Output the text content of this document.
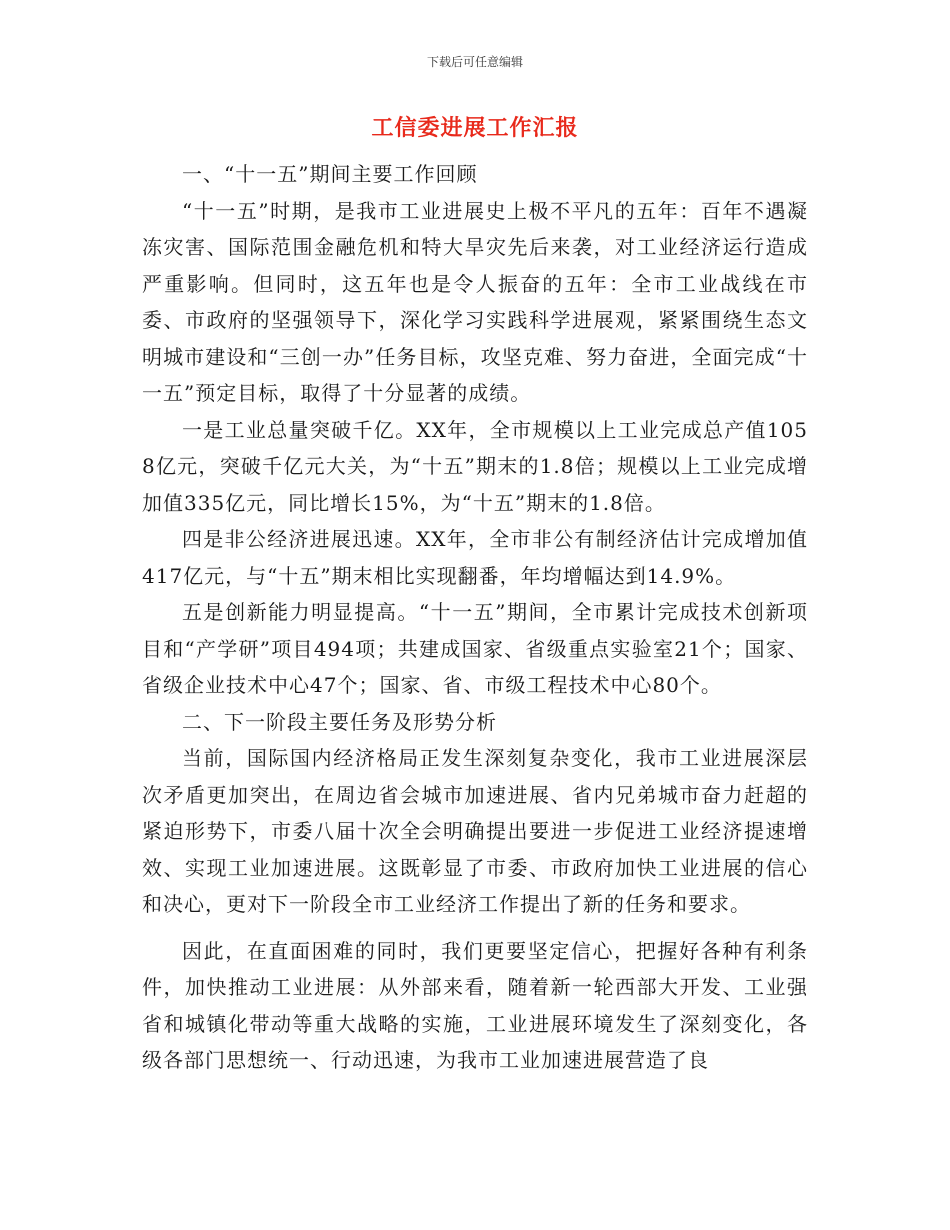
下载后可任意编辑
工信委进展工作汇报

一、“十一五”期间主要工作回顾

“十一五”时期，是我市工业进展史上极不平凡的五年：百年不遇凝冻灾害、国际范围金融危机和特大旱灾先后来袭，对工业经济运行造成严重影响。但同时，这五年也是令人振奋的五年：全市工业战线在市委、市政府的坚强领导下，深化学习实践科学进展观，紧紧围绕生态文明城市建设和“三创一办”任务目标，攻坚克难、努力奋进，全面完成“十一五”预定目标，取得了十分显著的成绩。

一是工业总量突破千亿。XX年，全市规模以上工业完成总产值1058亿元，突破千亿元大关，为“十五”期末的1.8倍；规模以上工业完成增加值335亿元，同比增长15%，为“十五”期末的1.8倍。

四是非公经济进展迅速。XX年，全市非公有制经济估计完成增加值417亿元，与“十五”期末相比实现翻番，年均增幅达到14.9%。

五是创新能力明显提高。“十一五”期间，全市累计完成技术创新项目和“产学研”项目494项；共建成国家、省级重点实验室21个；国家、省级企业技术中心47个；国家、省、市级工程技术中心80个。

二、下一阶段主要任务及形势分析

当前，国际国内经济格局正发生深刻复杂变化，我市工业进展深层次矛盾更加突出，在周边省会城市加速进展、省内兄弟城市奋力赶超的紧迫形势下，市委八届十次全会明确提出要进一步促进工业经济提速增效、实现工业加速进展。这既彰显了市委、市政府加快工业进展的信心和决心，更对下一阶段全市工业经济工作提出了新的任务和要求。

因此，在直面困难的同时，我们更要坚定信心，把握好各种有利条件，加快推动工业进展：从外部来看，随着新一轮西部大开发、工业强省和城镇化带动等重大战略的实施，工业进展环境发生了深刻变化，各级各部门思想统一、行动迅速，为我市工业加速进展营造了良
